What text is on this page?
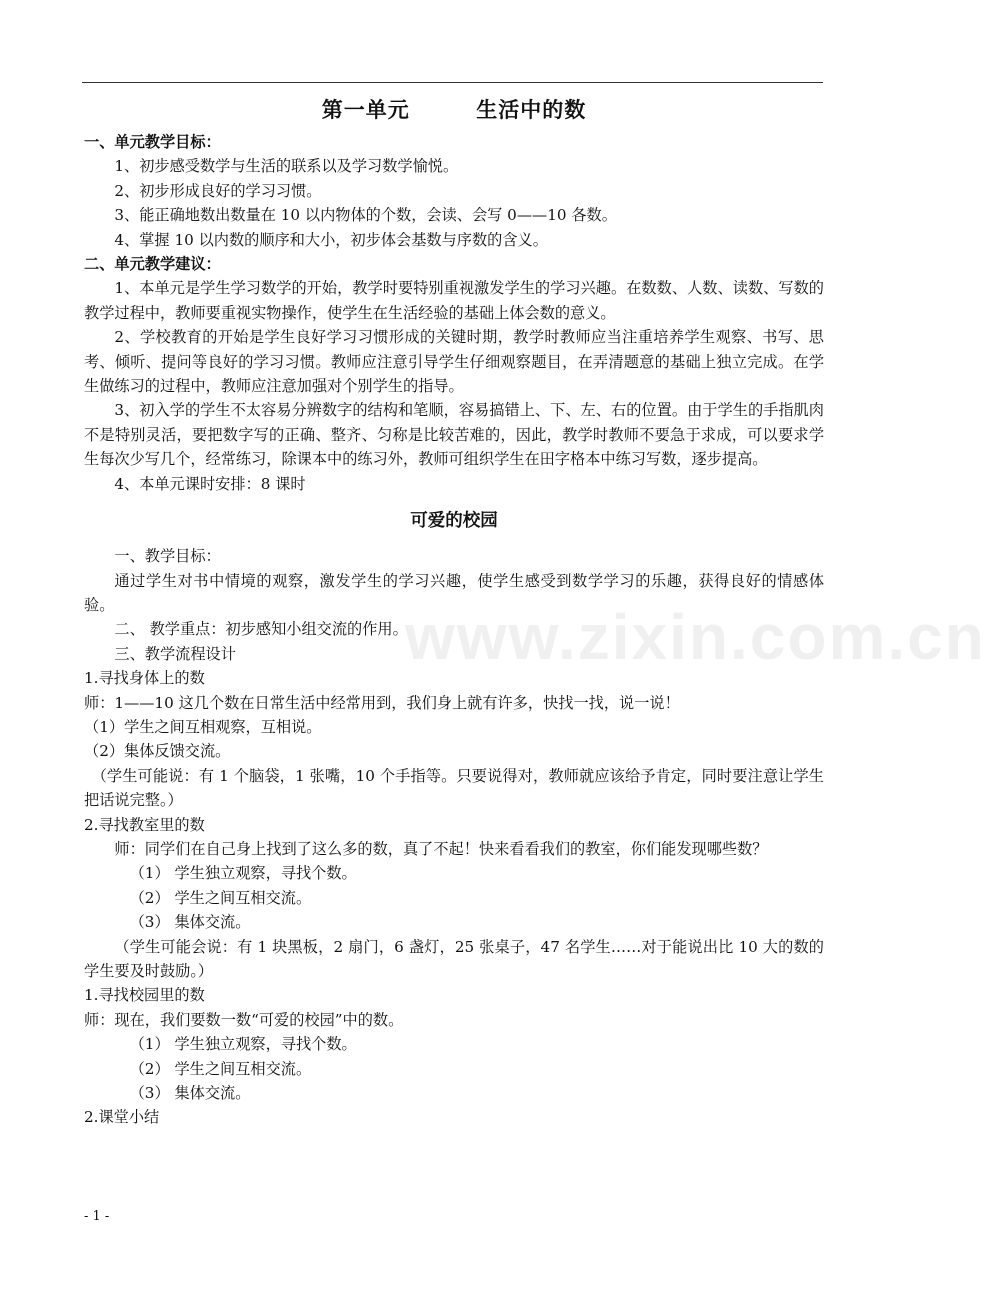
www.zixin.com.cn
第一单元        生活中的数

一、单元教学目标：

1、初步感受数学与生活的联系以及学习数学愉悦。

2、初步形成良好的学习习惯。

3、能正确地数出数量在 10 以内物体的个数，会读、会写 0——10 各数。

4、掌握 10 以内数的顺序和大小，初步体会基数与序数的含义。

二、单元教学建议：

1、本单元是学生学习数学的开始，教学时要特别重视激发学生的学习兴趣。在数数、人数、读数、写数的教学过程中，教师要重视实物操作，使学生在生活经验的基础上体会数的意义。

2、学校教育的开始是学生良好学习习惯形成的关键时期，教学时教师应当注重培养学生观察、书写、思考、倾听、提问等良好的学习习惯。教师应注意引导学生仔细观察题目，在弄清题意的基础上独立完成。在学生做练习的过程中，教师应注意加强对个别学生的指导。

3、初入学的学生不太容易分辨数字的结构和笔顺，容易搞错上、下、左、右的位置。由于学生的手指肌肉不是特别灵活，要把数字写的正确、整齐、匀称是比较苦难的，因此，教学时教师不要急于求成，可以要求学生每次少写几个，经常练习，除课本中的练习外，教师可组织学生在田字格本中练习写数，逐步提高。

4、本单元课时安排：8 课时

可爱的校园

一、教学目标：

通过学生对书中情境的观察，激发学生的学习兴趣，使学生感受到数学学习的乐趣，获得良好的情感体验。

二、 教学重点：初步感知小组交流的作用。

三、教学流程设计

1.寻找身体上的数

师：1——10 这几个数在日常生活中经常用到，我们身上就有许多，快找一找，说一说！

（1）学生之间互相观察，互相说。

（2）集体反馈交流。

（学生可能说：有 1 个脑袋，1 张嘴，10 个手指等。只要说得对，教师就应该给予肯定，同时要注意让学生把话说完整。）

2.寻找教室里的数

师：同学们在自己身上找到了这么多的数，真了不起！快来看看我们的教室，你们能发现哪些数？

（1） 学生独立观察，寻找个数。

（2） 学生之间互相交流。

（3） 集体交流。

（学生可能会说：有 1 块黑板，2 扇门，6 盏灯，25 张桌子，47 名学生……对于能说出比 10 大的数的学生要及时鼓励。）

1.寻找校园里的数

师：现在，我们要数一数“可爱的校园”中的数。

（1） 学生独立观察，寻找个数。

（2） 学生之间互相交流。

（3） 集体交流。

2.课堂小结

- 1 -
